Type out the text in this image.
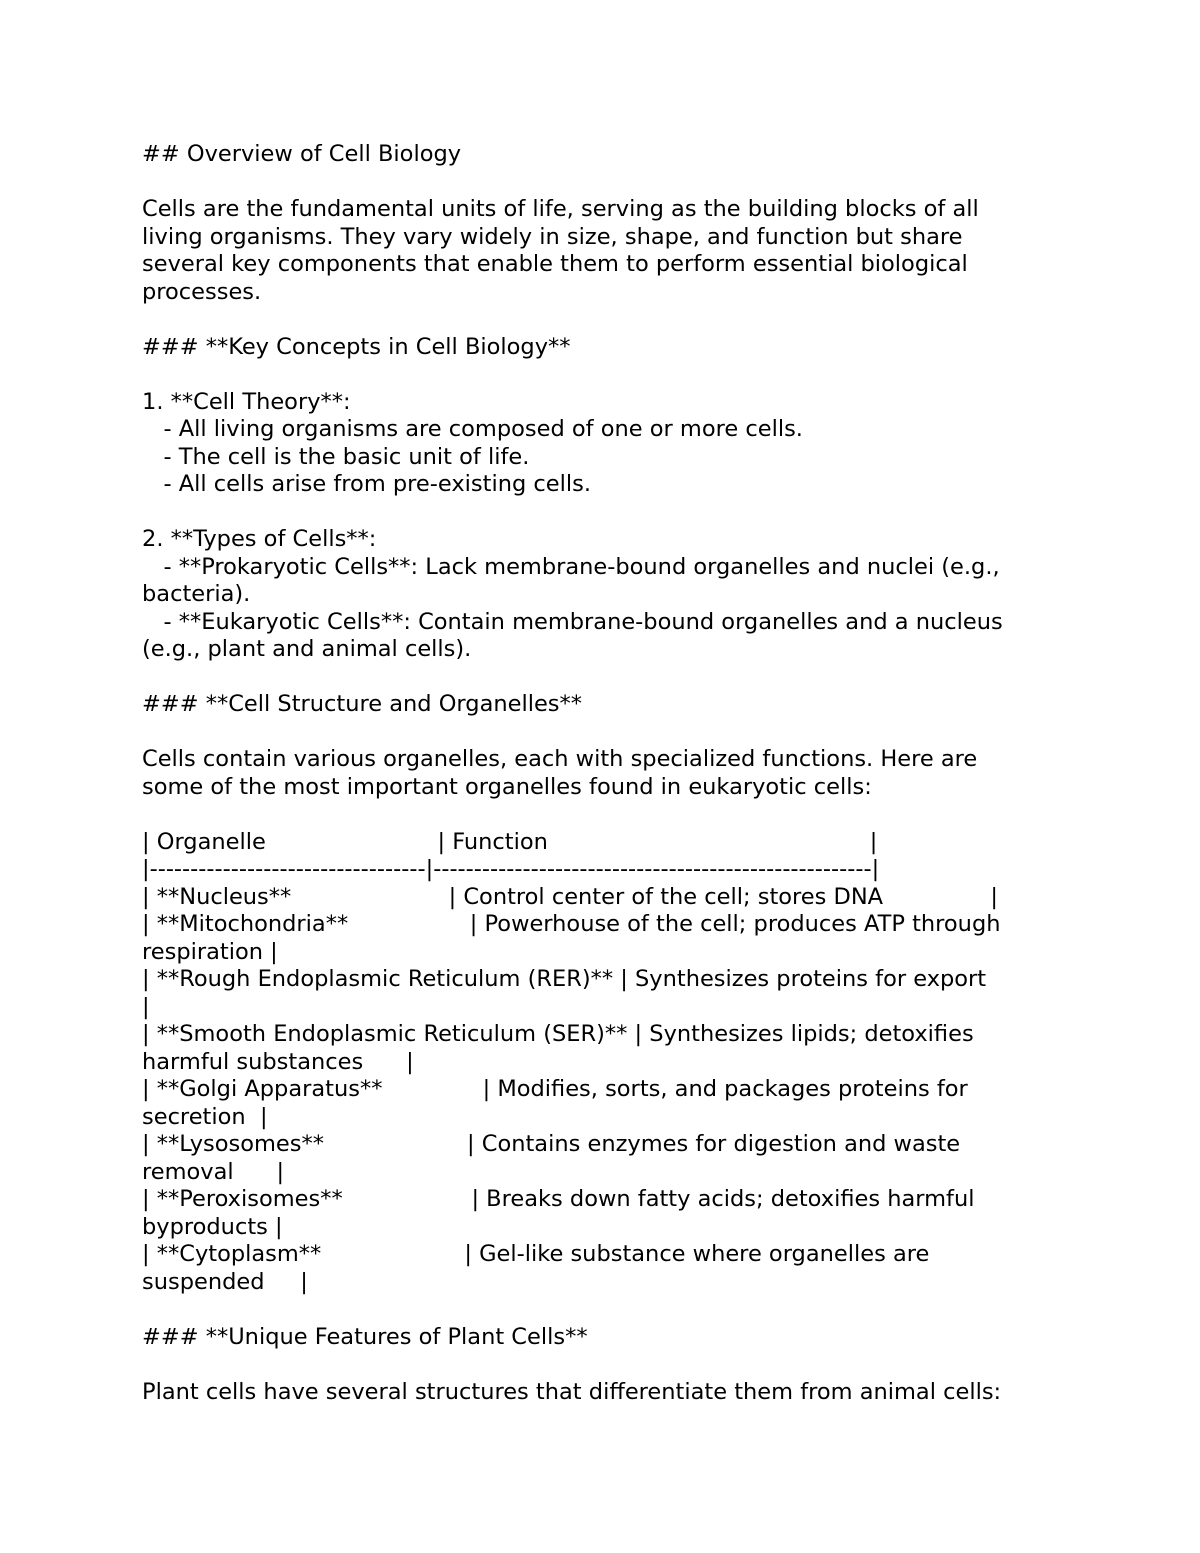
## Overview of Cell Biology
Cells are the fundamental units of life, serving as the building blocks of all
living organisms. They vary widely in size, shape, and function but share
several key components that enable them to perform essential biological
processes.
### **Key Concepts in Cell Biology**
1. **Cell Theory**:
- All living organisms are composed of one or more cells.
- The cell is the basic unit of life.
- All cells arise from pre-existing cells.
2. **Types of Cells**:
- **Prokaryotic Cells**: Lack membrane-bound organelles and nuclei (e.g.,
bacteria).
- **Eukaryotic Cells**: Contain membrane-bound organelles and a nucleus
(e.g., plant and animal cells).
### **Cell Structure and Organelles**
Cells contain various organelles, each with specialized functions. Here are
some of the most important organelles found in eukaryotic cells:
| Organelle                        | Function                                             |
|----------------------------------|------------------------------------------------------|
| **Nucleus**                      | Control center of the cell; stores DNA               |
| **Mitochondria**                 | Powerhouse of the cell; produces ATP through
respiration |
| **Rough Endoplasmic Reticulum (RER)** | Synthesizes proteins for export
|
| **Smooth Endoplasmic Reticulum (SER)** | Synthesizes lipids; detoxifies
harmful substances      |
| **Golgi Apparatus**              | Modifies, sorts, and packages proteins for
secretion  |
| **Lysosomes**                    | Contains enzymes for digestion and waste
removal      |
| **Peroxisomes**                  | Breaks down fatty acids; detoxifies harmful
byproducts |
| **Cytoplasm**                    | Gel-like substance where organelles are
suspended     |
### **Unique Features of Plant Cells**
Plant cells have several structures that differentiate them from animal cells:
